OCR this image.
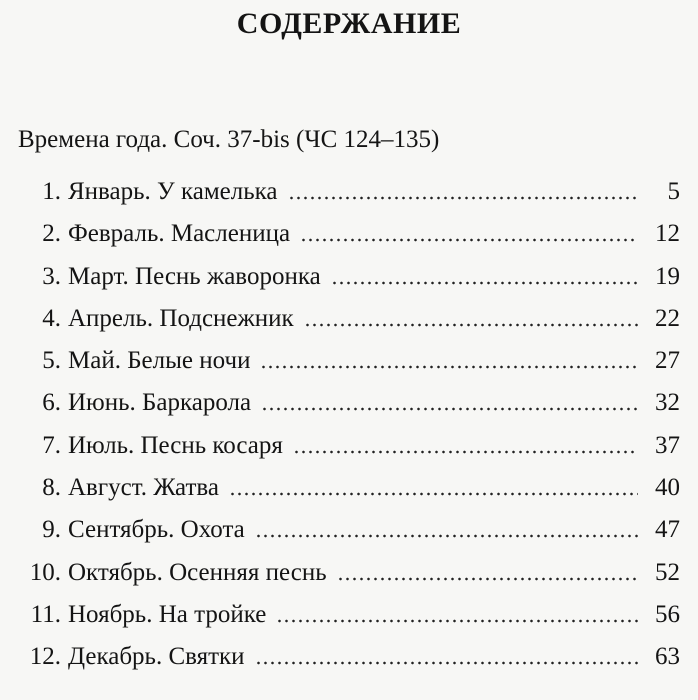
СОДЕРЖАНИЕ
Времена года. Соч. 37-bis (ЧС 124–135)
1. Январь. У камелька	5
2. Февраль. Масленица	12
3. Март. Песнь жаворонка	19
4. Апрель. Подснежник	22
5. Май. Белые ночи	27
6. Июнь. Баркарола	32
7. Июль. Песнь косаря	37
8. Август. Жатва	40
9. Сентябрь. Охота	47
10. Октябрь. Осенняя песнь	52
11. Ноябрь. На тройке	56
12. Декабрь. Святки	63
